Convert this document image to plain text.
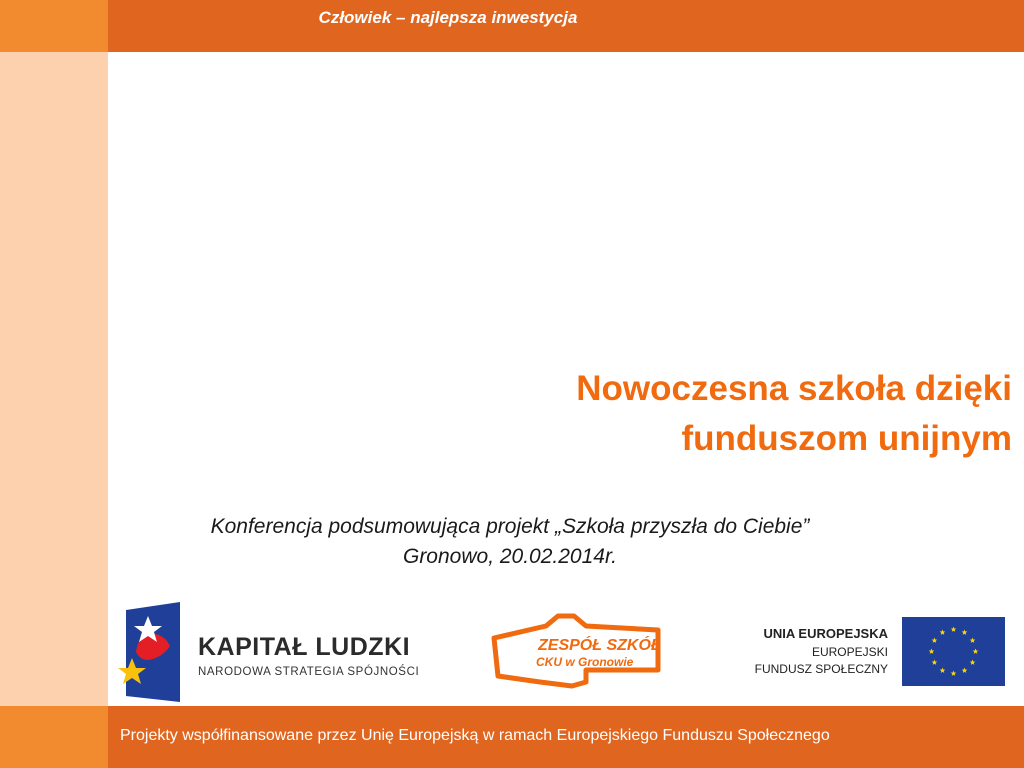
Człowiek – najlepsza inwestycja
Nowoczesna szkoła dzięki
funduszom unijnym
Konferencja podsumowująca projekt „Szkoła przyszła do Ciebie”
Gronowo, 20.02.2014r.
KAPITAŁ LUDZKI
NARODOWA STRATEGIA SPÓJNOŚCI
ZESPÓŁ SZKÓŁ
CKU w Gronowie
UNIA EUROPEJSKA
EUROPEJSKI
FUNDUSZ SPOŁECZNY
Projekty współfinansowane przez Unię Europejską w ramach Europejskiego Funduszu Społecznego
